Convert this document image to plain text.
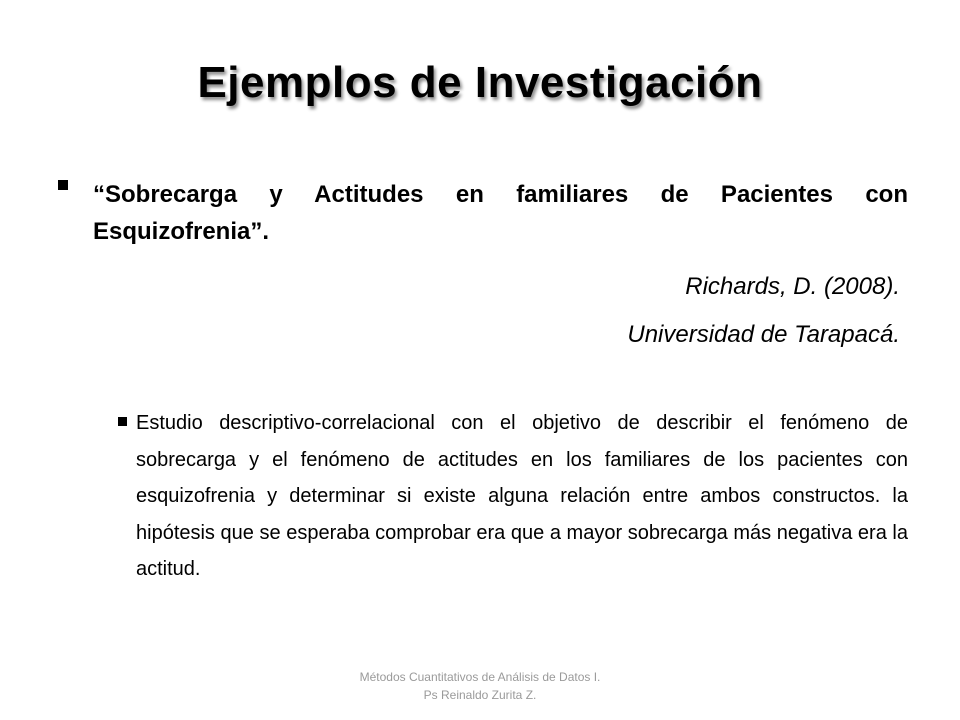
Ejemplos de Investigación
“Sobrecarga y Actitudes en familiares de Pacientes con Esquizofrenia”.
Richards, D. (2008).
Universidad de Tarapacá.
Estudio descriptivo-correlacional con el objetivo de describir el fenómeno de sobrecarga y el fenómeno de actitudes en los familiares de los pacientes con esquizofrenia y determinar si existe alguna relación entre ambos constructos. la hipótesis que se esperaba comprobar era que a mayor sobrecarga más negativa era la actitud.
Métodos Cuantitativos de Análisis de Datos I.
Ps Reinaldo Zurita Z.
